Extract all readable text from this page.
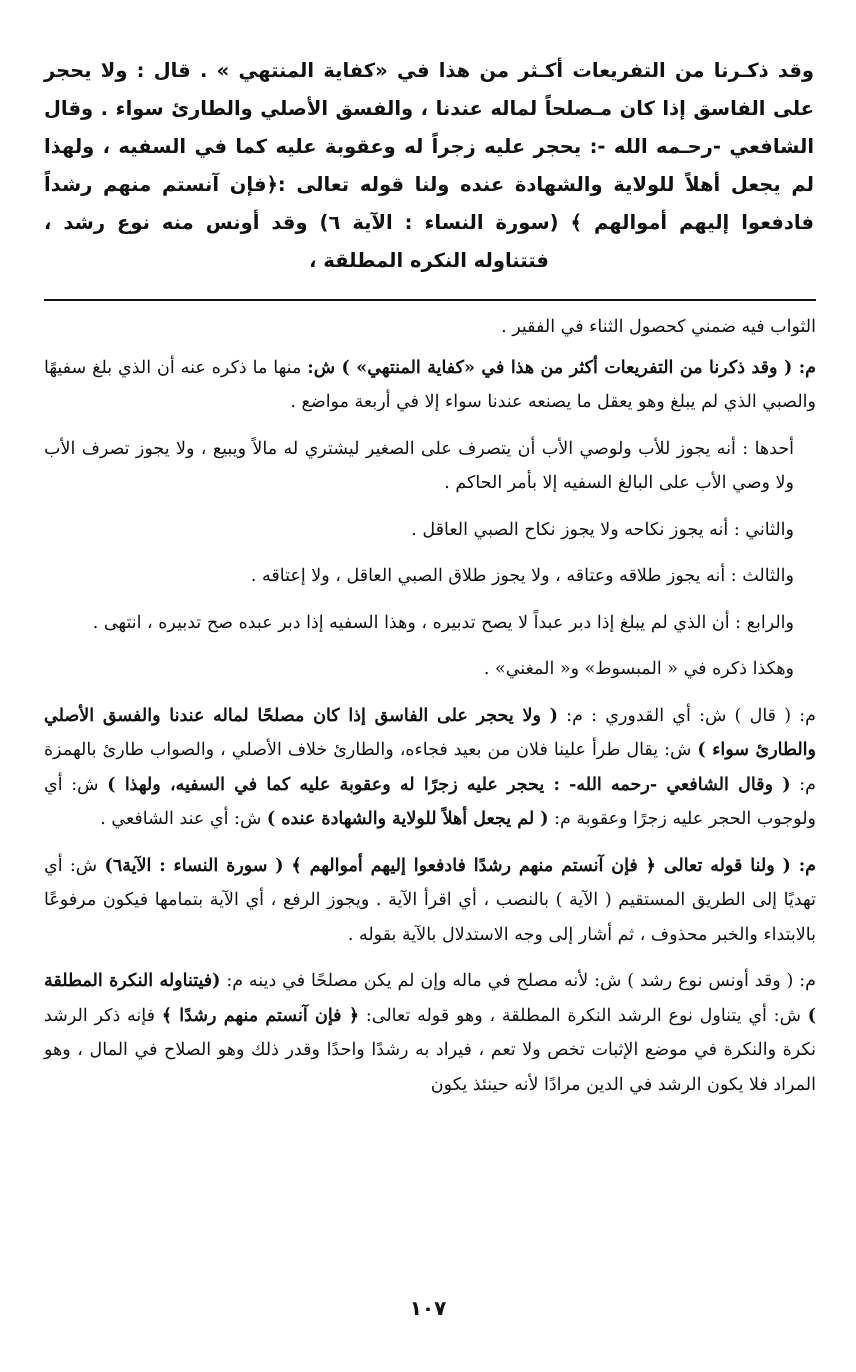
وقد ذكـرنا من التفريعات أكـثر من هذا في «كفاية المنتهي » . قال : ولا يحجر على الفاسق إذا كان مـصلحاً لماله عندنا ، والفسق الأصلي والطارئ سواء . وقال الشافعي -رحـمه الله -: يحجر عليه زجراً له وعقوبة عليه كما في السفيه ، ولهذا لم يجعل أهلاً للولاية والشهادة عنده ولنا قوله تعالى :﴿فإن آنستم منهم رشداً فادفعوا إليهم أموالهم ﴾ (سورة النساء : الآية ٦) وقد أونس منه نوع رشد ، فتتناوله النكره المطلقة ،

الثواب فيه ضمني كحصول الثناء في الفقير .

م: ( وقد ذكرنا من التفريعات أكثر من هذا في «كفاية المنتهي» ) ش: منها ما ذكره عنه أن الذي بلغ سفيهًا والصبي الذي لم يبلغ وهو يعقل ما يصنعه عندنا سواء إلا في أربعة مواضع .

أحدها : أنه يجوز للأب ولوصي الأب أن يتصرف على الصغير ليشتري له مالاً ويبيع ، ولا يجوز تصرف الأب ولا وصي الأب على البالغ السفيه إلا بأمر الحاكم .

والثاني : أنه يجوز نكاحه ولا يجوز نكاح الصبي العاقل .

والثالث : أنه يجوز طلاقه وعتاقه ، ولا يجوز طلاق الصبي العاقل ، ولا إعتاقه .

والرابع : أن الذي لم يبلغ إذا دبر عبداً لا يصح تدبيره ، وهذا السفيه إذا دبر عبده صح تدبيره ، انتهى .

وهكذا ذكره في « المبسوط» و« المغني» .

م: ( قال ) ش: أي القدوري : م: ( ولا يحجر على الفاسق إذا كان مصلحًا لماله عندنا والفسق الأصلي والطارئ سواء ) ش: يقال طرأ علينا فلان من بعيد فجاءه، والطارئ خلاف الأصلي ، والصواب طارئ بالهمزة م: ( وقال الشافعي -رحمه الله- : يحجر عليه زجرًا له وعقوبة عليه كما في السفيه، ولهذا ) ش: أي ولوجوب الحجر عليه زجرًا وعقوبة م: ( لم يجعل أهلاً للولاية والشهادة عنده ) ش: أي عند الشافعي .

م: ( ولنا قوله تعالى ﴿ فإن آنستم منهم رشدًا فادفعوا إليهم أموالهم ﴾ ( سورة النساء : الآية٦) ش: أي تهديًا إلى الطريق المستقيم ( الآية ) بالنصب ، أي اقرأ الآية . ويجوز الرفع ، أي الآية بتمامها فيكون مرفوعًا بالابتداء والخبر محذوف ، ثم أشار إلى وجه الاستدلال بالآية بقوله .

م: ( وقد أونس نوع رشد ) ش: لأنه مصلح في ماله وإن لم يكن مصلحًا في دينه م: (فيتناوله النكرة المطلقة ) ش: أي يتناول نوع الرشد النكرة المطلقة ، وهو قوله تعالى: ﴿ فإن آنستم منهم رشدًا ﴾ فإنه ذكر الرشد نكرة والنكرة في موضع الإثبات تخص ولا تعم ، فيراد به رشدًا واحدًا وقدر ذلك وهو الصلاح في المال ، وهو المراد فلا يكون الرشد في الدين مرادًا لأنه حينئذ يكون

١٠٧
